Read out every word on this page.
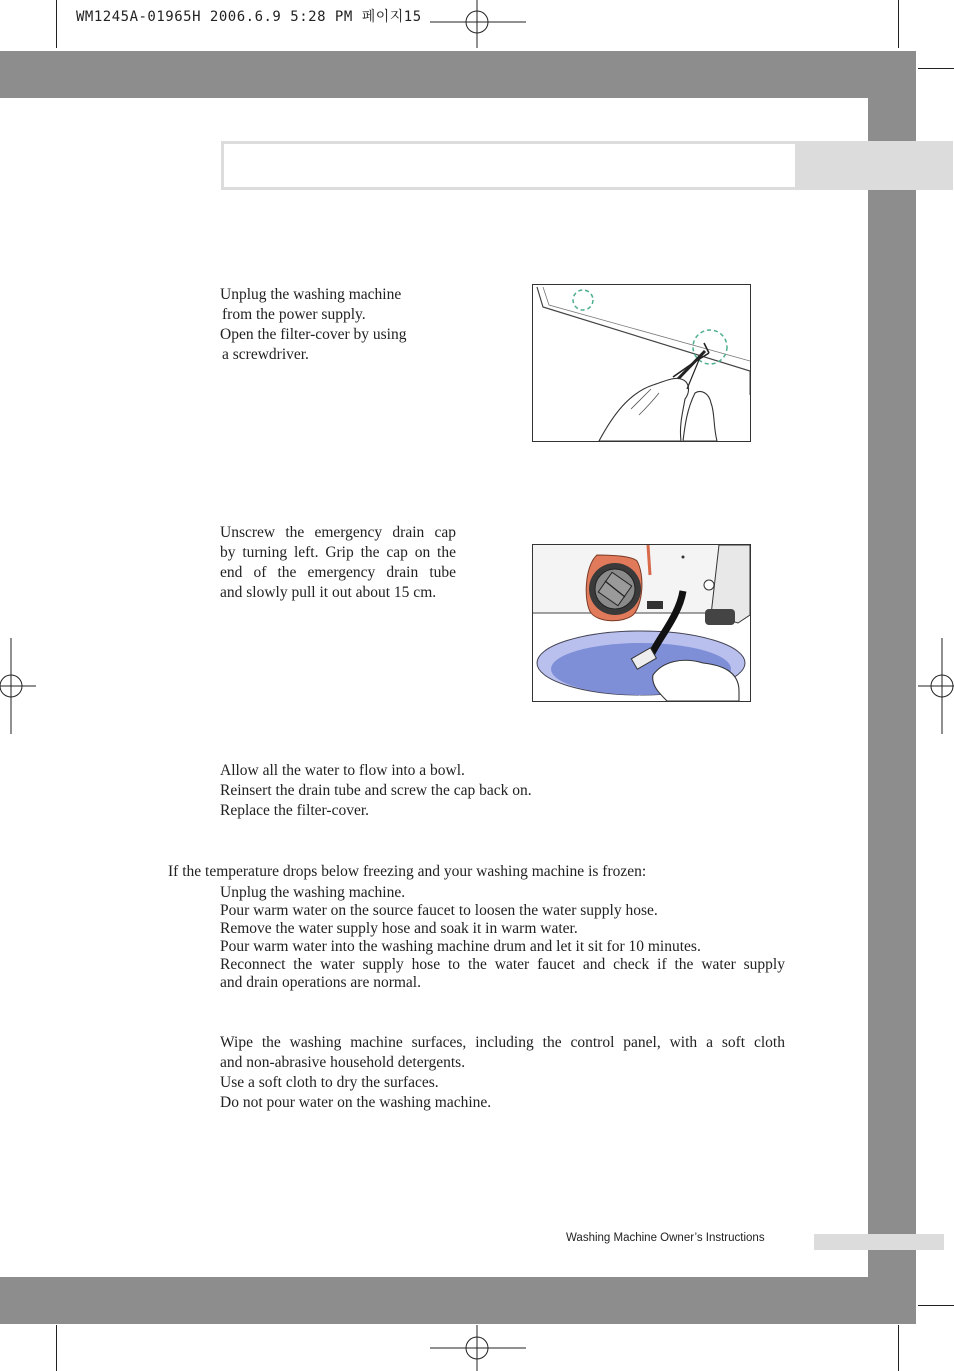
WM1245A-01965H 2006.6.9 5:28 PM 페이지15
Unplug the washing machine
from the power supply.
Open the filter-cover by using
a screwdriver.
Unscrew the emergency drain cap
by turning left. Grip the cap on the
end of the emergency drain tube
and slowly pull it out about 15 cm.
Allow all the water to flow into a bowl.
Reinsert the drain tube and screw the cap back on.
Replace the filter-cover.
If the temperature drops below freezing and your washing machine is frozen:
Unplug the washing machine.
Pour warm water on the source faucet to loosen the water supply hose.
Remove the water supply hose and soak it in warm water.
Pour warm water into the washing machine drum and let it sit for 10 minutes.
Reconnect the water supply hose to the water faucet and check if the water supply
and drain operations are normal.
Wipe the washing machine surfaces, including the control panel, with a soft cloth
and non-abrasive household detergents.
Use a soft cloth to dry the surfaces.
Do not pour water on the washing machine.
Washing Machine Owner’s Instructions
